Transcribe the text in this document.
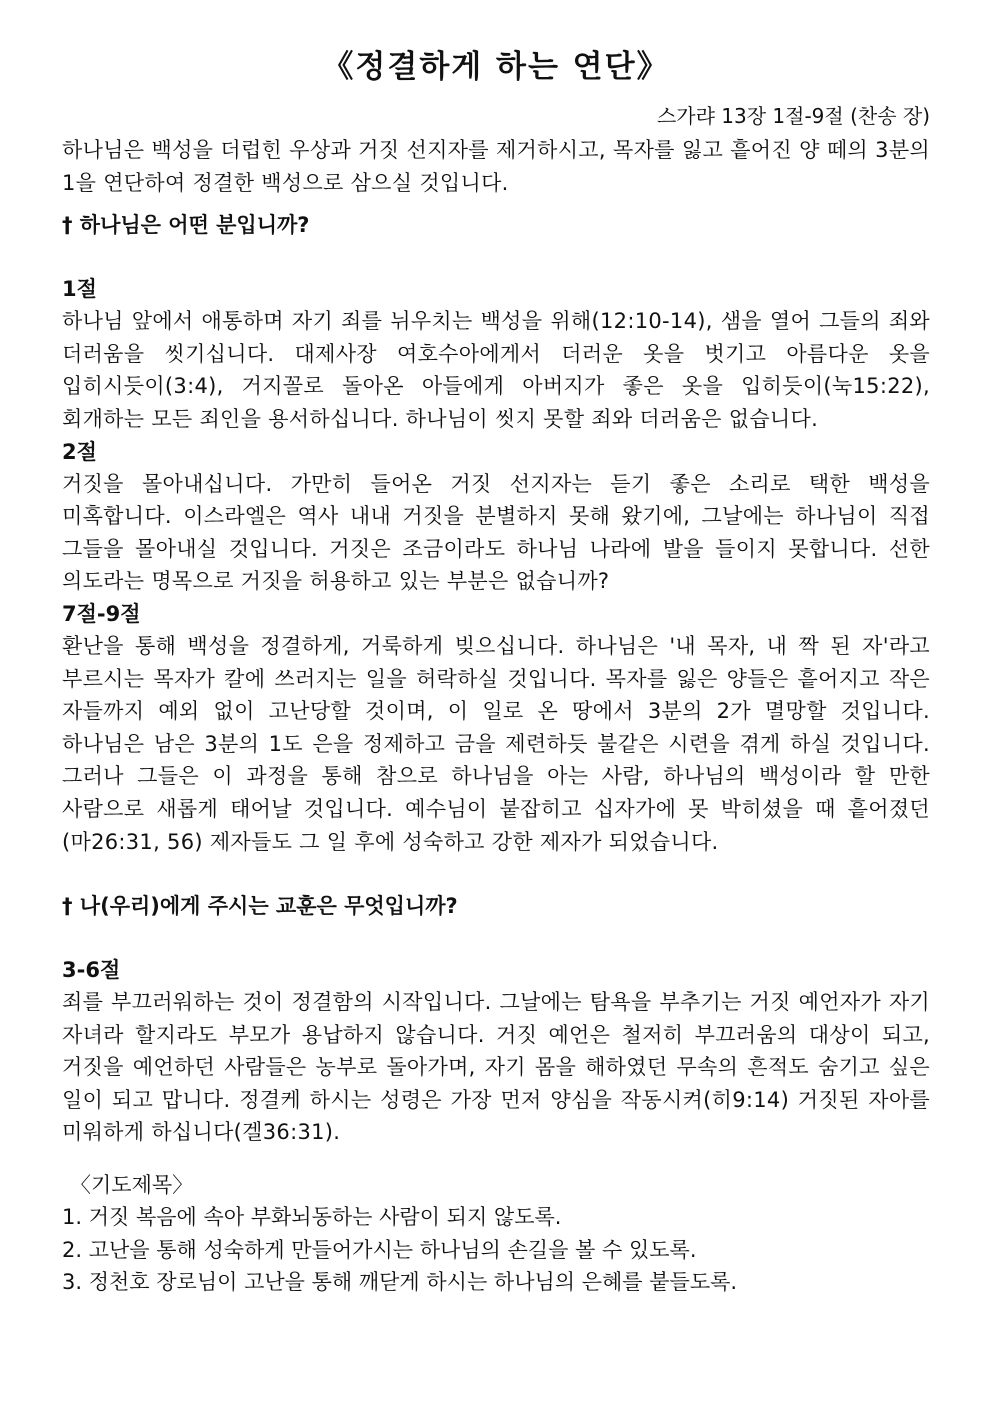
《정결하게 하는 연단》
스가랴 13장 1절-9절 (찬송 장)

하나님은 백성을 더럽힌 우상과 거짓 선지자를 제거하시고, 목자를 잃고 흩어진 양 떼의 3분의 1을 연단하여 정결한 백성으로 삼으실 것입니다.

† 하나님은 어떤 분입니까?
1절

하나님 앞에서 애통하며 자기 죄를 뉘우치는 백성을 위해(12:10-14), 샘을 열어 그들의 죄와 더러움을 씻기십니다. 대제사장 여호수아에게서 더러운 옷을 벗기고 아름다운 옷을 입히시듯이(3:4), 거지꼴로 돌아온 아들에게 아버지가 좋은 옷을 입히듯이(눅15:22), 회개하는 모든 죄인을 용서하십니다. 하나님이 씻지 못할 죄와 더러움은 없습니다.

2절

거짓을 몰아내십니다. 가만히 들어온 거짓 선지자는 듣기 좋은 소리로 택한 백성을 미혹합니다. 이스라엘은 역사 내내 거짓을 분별하지 못해 왔기에, 그날에는 하나님이 직접 그들을 몰아내실 것입니다. 거짓은 조금이라도 하나님 나라에 발을 들이지 못합니다. 선한 의도라는 명목으로 거짓을 허용하고 있는 부분은 없습니까?

7절-9절

환난을 통해 백성을 정결하게, 거룩하게 빚으십니다. 하나님은 '내 목자, 내 짝 된 자'라고 부르시는 목자가 칼에 쓰러지는 일을 허락하실 것입니다. 목자를 잃은 양들은 흩어지고 작은 자들까지 예외 없이 고난당할 것이며, 이 일로 온 땅에서 3분의 2가 멸망할 것입니다. 하나님은 남은 3분의 1도 은을 정제하고 금을 제련하듯 불같은 시련을 겪게 하실 것입니다. 그러나 그들은 이 과정을 통해 참으로 하나님을 아는 사람, 하나님의 백성이라 할 만한 사람으로 새롭게 태어날 것입니다. 예수님이 붙잡히고 십자가에 못 박히셨을 때 흩어졌던(마26:31, 56) 제자들도 그 일 후에 성숙하고 강한 제자가 되었습니다.

† 나(우리)에게 주시는 교훈은 무엇입니까?
3-6절

죄를 부끄러워하는 것이 정결함의 시작입니다. 그날에는 탐욕을 부추기는 거짓 예언자가 자기 자녀라 할지라도 부모가 용납하지 않습니다. 거짓 예언은 철저히 부끄러움의 대상이 되고, 거짓을 예언하던 사람들은 농부로 돌아가며, 자기 몸을 해하였던 무속의 흔적도 숨기고 싶은 일이 되고 맙니다. 정결케 하시는 성령은 가장 먼저 양심을 작동시켜(히9:14) 거짓된 자아를 미워하게 하십니다(겔36:31).

〈기도제목〉
1. 거짓 복음에 속아 부화뇌동하는 사람이 되지 않도록.
2. 고난을 통해 성숙하게 만들어가시는 하나님의 손길을 볼 수 있도록.
3. 정천호 장로님이 고난을 통해 깨닫게 하시는 하나님의 은혜를 붙들도록.
